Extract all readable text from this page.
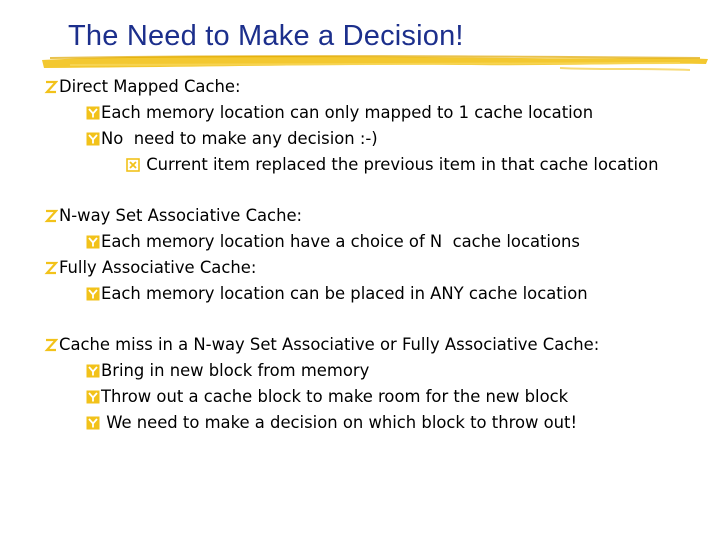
The Need to Make a Decision!
Direct Mapped Cache:
Each memory location can only mapped to 1 cache location
No  need to make any decision :-)
Current item replaced the previous item in that cache location
N-way Set Associative Cache:
Each memory location have a choice of N  cache locations
Fully Associative Cache:
Each memory location can be placed in ANY cache location
Cache miss in a N-way Set Associative or Fully Associative Cache:
Bring in new block from memory
Throw out a cache block to make room for the new block
We need to make a decision on which block to throw out!
